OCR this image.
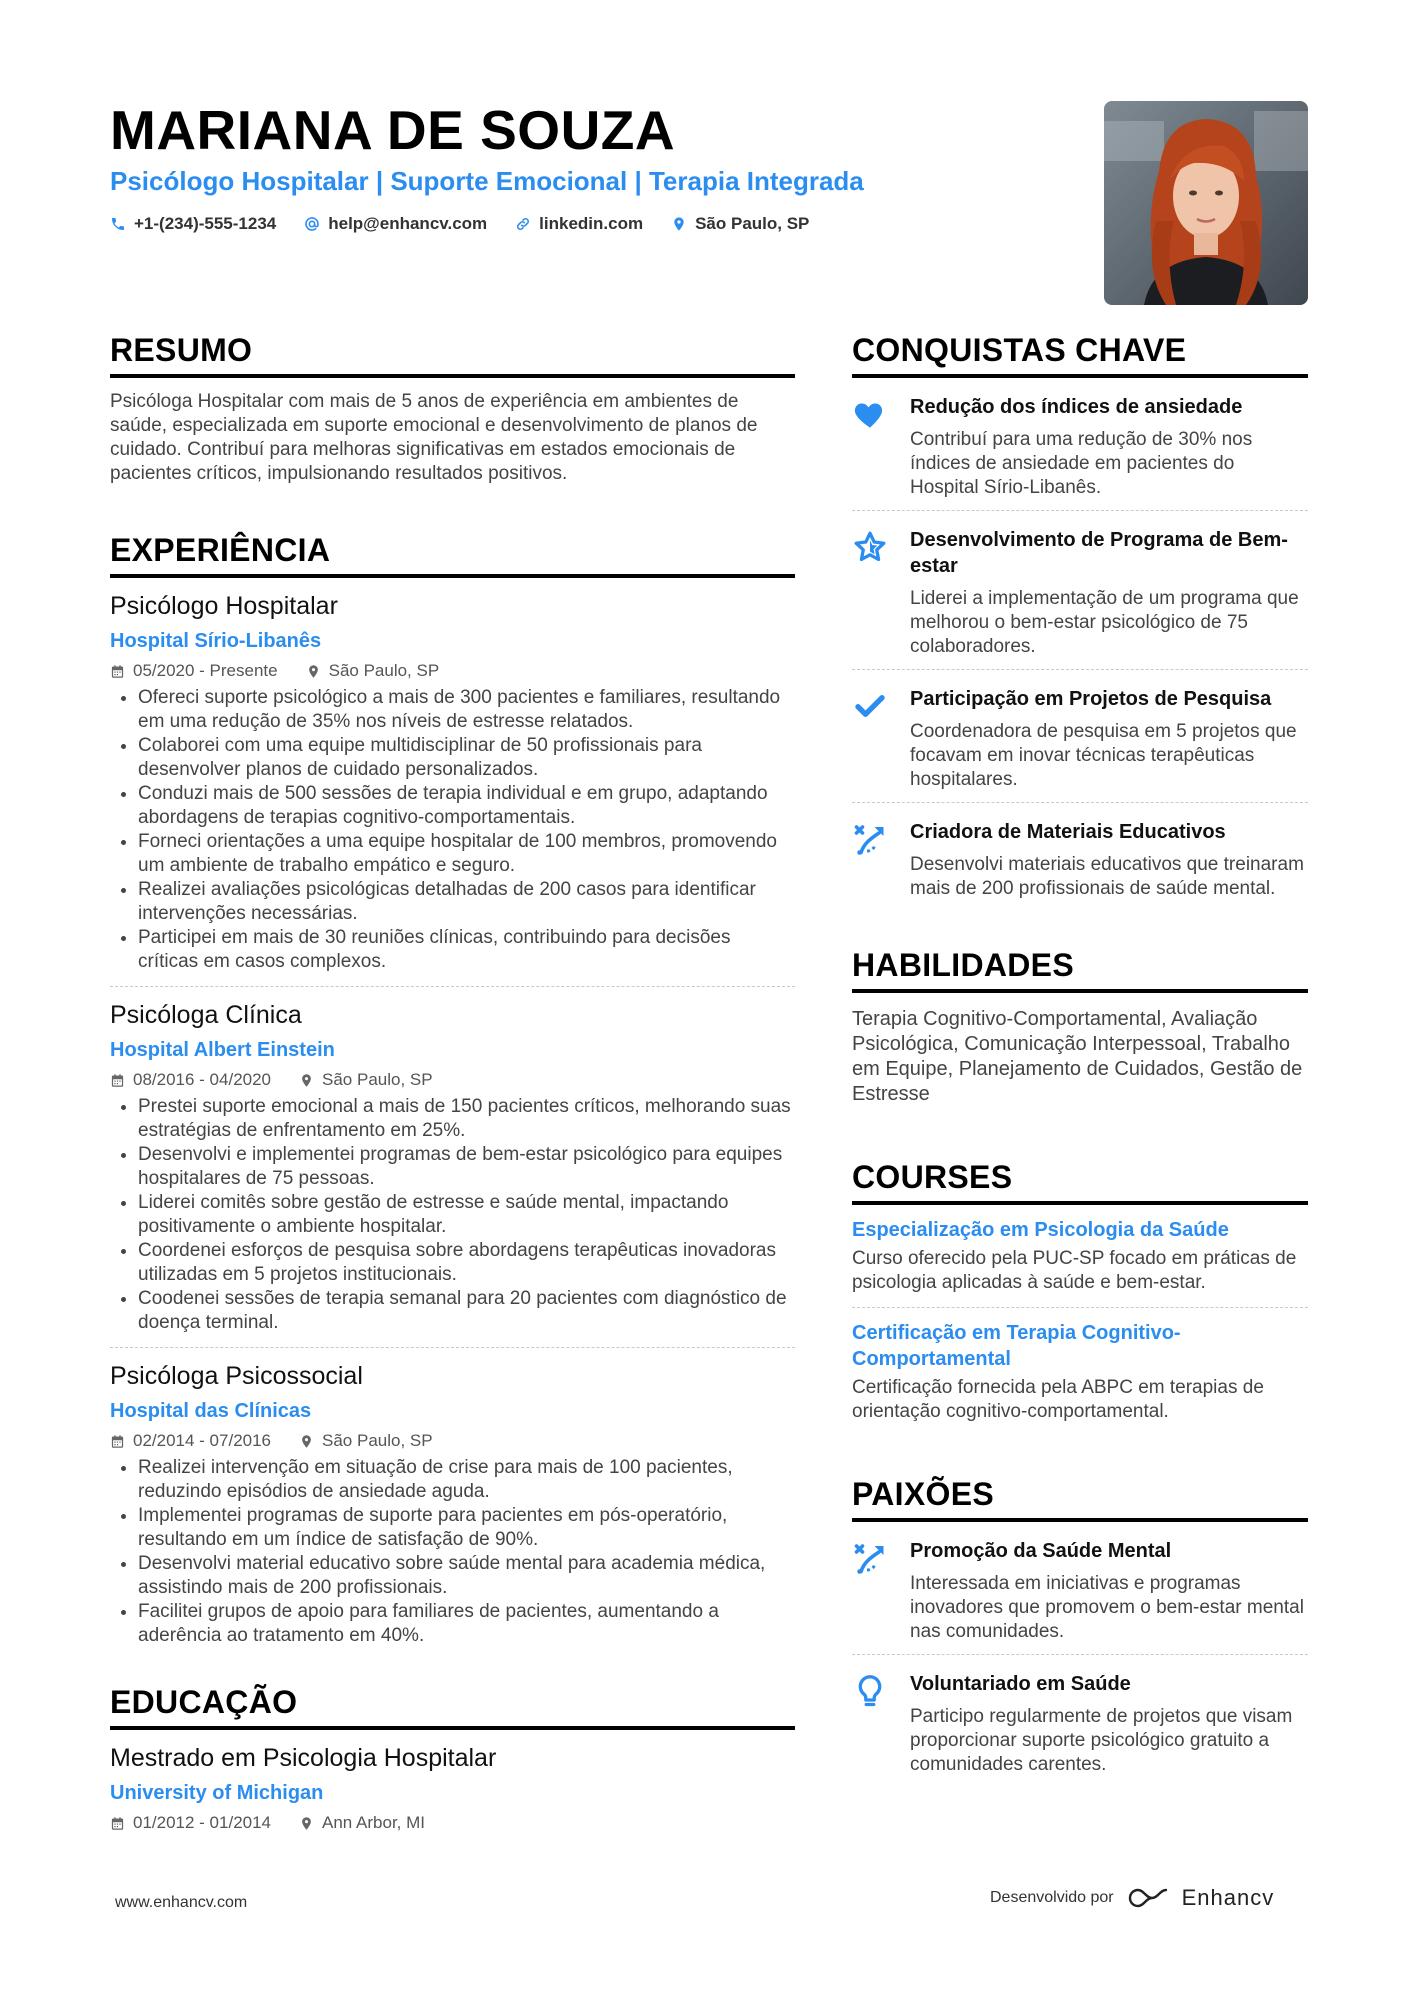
MARIANA DE SOUZA
Psicólogo Hospitalar | Suporte Emocional | Terapia Integrada
+1-(234)-555-1234	help@enhancv.com	linkedin.com	São Paulo, SP
RESUMO
Psicóloga Hospitalar com mais de 5 anos de experiência em ambientes de saúde, especializada em suporte emocional e desenvolvimento de planos de cuidado. Contribuí para melhoras significativas em estados emocionais de pacientes críticos, impulsionando resultados positivos.
EXPERIÊNCIA
Psicólogo Hospitalar
Hospital Sírio-Libanês
05/2020 - Presente	São Paulo, SP
• Ofereci suporte psicológico a mais de 300 pacientes e familiares, resultando em uma redução de 35% nos níveis de estresse relatados.
• Colaborei com uma equipe multidisciplinar de 50 profissionais para desenvolver planos de cuidado personalizados.
• Conduzi mais de 500 sessões de terapia individual e em grupo, adaptando abordagens de terapias cognitivo-comportamentais.
• Forneci orientações a uma equipe hospitalar de 100 membros, promovendo um ambiente de trabalho empático e seguro.
• Realizei avaliações psicológicas detalhadas de 200 casos para identificar intervenções necessárias.
• Participei em mais de 30 reuniões clínicas, contribuindo para decisões críticas em casos complexos.
Psicóloga Clínica
Hospital Albert Einstein
08/2016 - 04/2020	São Paulo, SP
• Prestei suporte emocional a mais de 150 pacientes críticos, melhorando suas estratégias de enfrentamento em 25%.
• Desenvolvi e implementei programas de bem-estar psicológico para equipes hospitalares de 75 pessoas.
• Liderei comitês sobre gestão de estresse e saúde mental, impactando positivamente o ambiente hospitalar.
• Coordenei esforços de pesquisa sobre abordagens terapêuticas inovadoras utilizadas em 5 projetos institucionais.
• Coodenei sessões de terapia semanal para 20 pacientes com diagnóstico de doença terminal.
Psicóloga Psicossocial
Hospital das Clínicas
02/2014 - 07/2016	São Paulo, SP
• Realizei intervenção em situação de crise para mais de 100 pacientes, reduzindo episódios de ansiedade aguda.
• Implementei programas de suporte para pacientes em pós-operatório, resultando em um índice de satisfação de 90%.
• Desenvolvi material educativo sobre saúde mental para academia médica, assistindo mais de 200 profissionais.
• Facilitei grupos de apoio para familiares de pacientes, aumentando a aderência ao tratamento em 40%.
EDUCAÇÃO
Mestrado em Psicologia Hospitalar
University of Michigan
01/2012 - 01/2014	Ann Arbor, MI
CONQUISTAS CHAVE
Redução dos índices de ansiedade
Contribuí para uma redução de 30% nos índices de ansiedade em pacientes do Hospital Sírio-Libanês.
Desenvolvimento de Programa de Bem-estar
Liderei a implementação de um programa que melhorou o bem-estar psicológico de 75 colaboradores.
Participação em Projetos de Pesquisa
Coordenadora de pesquisa em 5 projetos que focavam em inovar técnicas terapêuticas hospitalares.
Criadora de Materiais Educativos
Desenvolvi materiais educativos que treinaram mais de 200 profissionais de saúde mental.
HABILIDADES
Terapia Cognitivo-Comportamental, Avaliação Psicológica, Comunicação Interpessoal, Trabalho em Equipe, Planejamento de Cuidados, Gestão de Estresse
COURSES
Especialização em Psicologia da Saúde
Curso oferecido pela PUC-SP focado em práticas de psicologia aplicadas à saúde e bem-estar.
Certificação em Terapia Cognitivo-Comportamental
Certificação fornecida pela ABPC em terapias de orientação cognitivo-comportamental.
PAIXÕES
Promoção da Saúde Mental
Interessada em iniciativas e programas inovadores que promovem o bem-estar mental nas comunidades.
Voluntariado em Saúde
Participo regularmente de projetos que visam proporcionar suporte psicológico gratuito a comunidades carentes.
www.enhancv.com	Desenvolvido por	Enhancv
